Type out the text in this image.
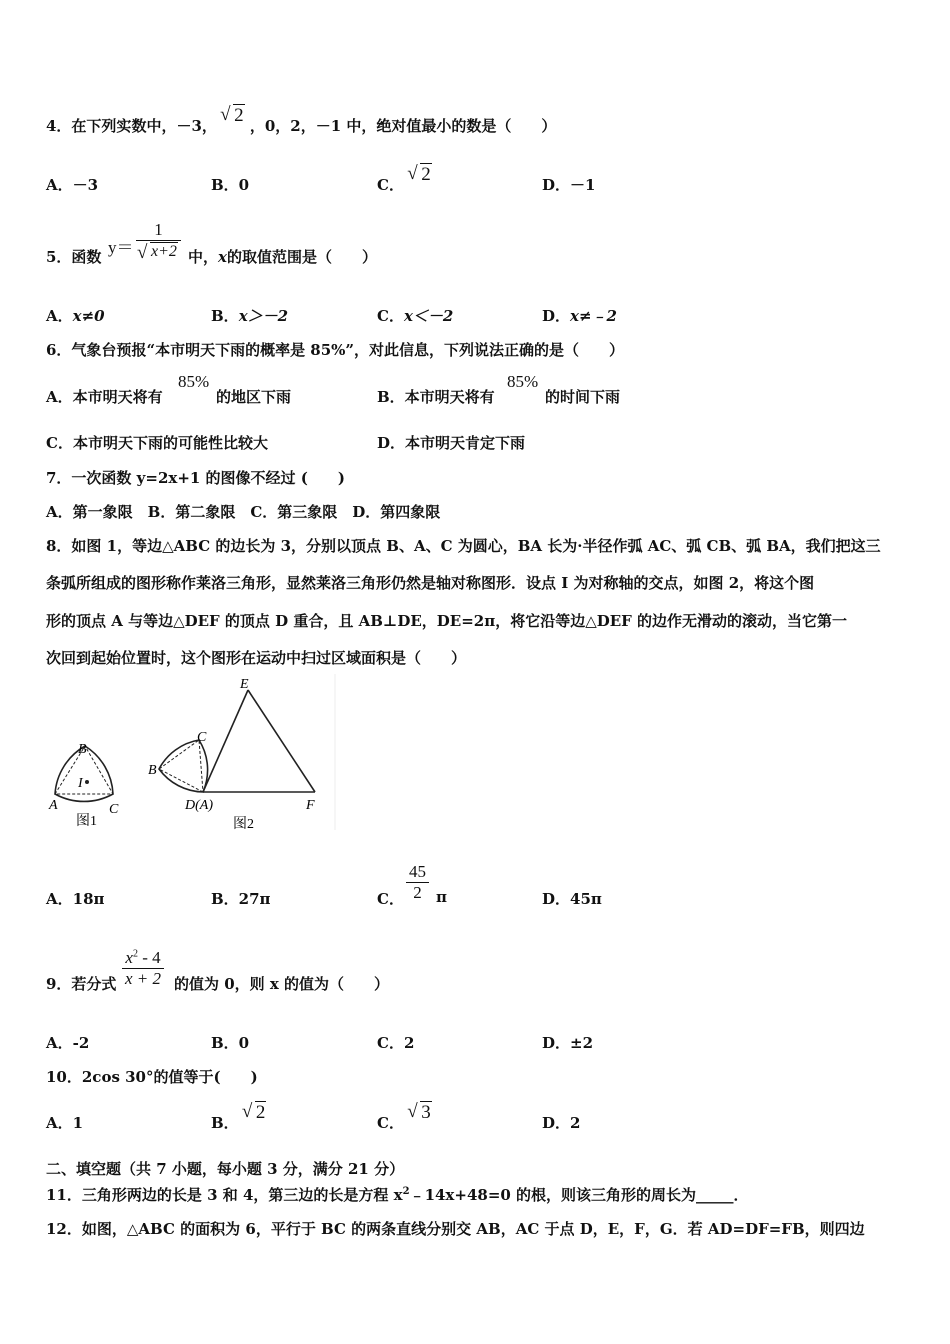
4．在下列实数中，－3， √ 2 ，0，2，－1 中，绝对值最小的数是（　　）
A．－3	B．0	C． √ 2	D．－1
5．函数 y＝ 1
√ x+2 中，x的取值范围是（　　）
A．x≠0	B．x＞－2	C．x＜－2	D．x≠﹣2
6．气象台预报“本市明天下雨的概率是 85%”，对此信息，下列说法正确的是（　　）
A．本市明天将有
85%
的地区下雨	B．本市明天将有
85%
的时间下雨
C．本市明天下雨的可能性比较大	D．本市明天肯定下雨
7．一次函数 y=2x+1 的图像不经过 (　　)
A．第一象限　B．第二象限　C．第三象限　D．第四象限
8．如图 1，等边△ABC 的边长为 3，分别以顶点 B、A、C 为圆心，BA 长为·半径作弧 AC、弧 CB、弧 BA，我们把这三
条弧所组成的图形称作莱洛三角形，显然莱洛三角形仍然是轴对称图形．设点 I 为对称轴的交点，如图 2，将这个图
形的顶点 A 与等边△DEF 的顶点 D 重合，且 AB⊥DE，DE=2π，将它沿等边△DEF 的边作无滑动的滚动，当它第一
次回到起始位置时，这个图形在运动中扫过区域面积是（　　）
B
A	C
I
图1
E
C
B
D(A)	F
图2
A．18π	B．27π	C． $\frac{45}{2}$ π	D．45π
9．若分式 $\frac{x^2 - 4}{x + 2}$ 的值为 0，则 x 的值为（　　）
A．-2	B．0	C．2	D．±2
10．2cos 30°的值等于(　　)
A．1	B． √ 2	C． √ 3	D．2
二、填空题（共 7 小题，每小题 3 分，满分 21 分）
11．三角形两边的长是 3 和 4，第三边的长是方程 $x^2﹣14x+48=0$ 的根，则该三角形的周长为_____．
12．如图，△ABC 的面积为 6，平行于 BC 的两条直线分别交 AB，AC 于点 D，E，F，G．若 AD=DF=FB，则四边
